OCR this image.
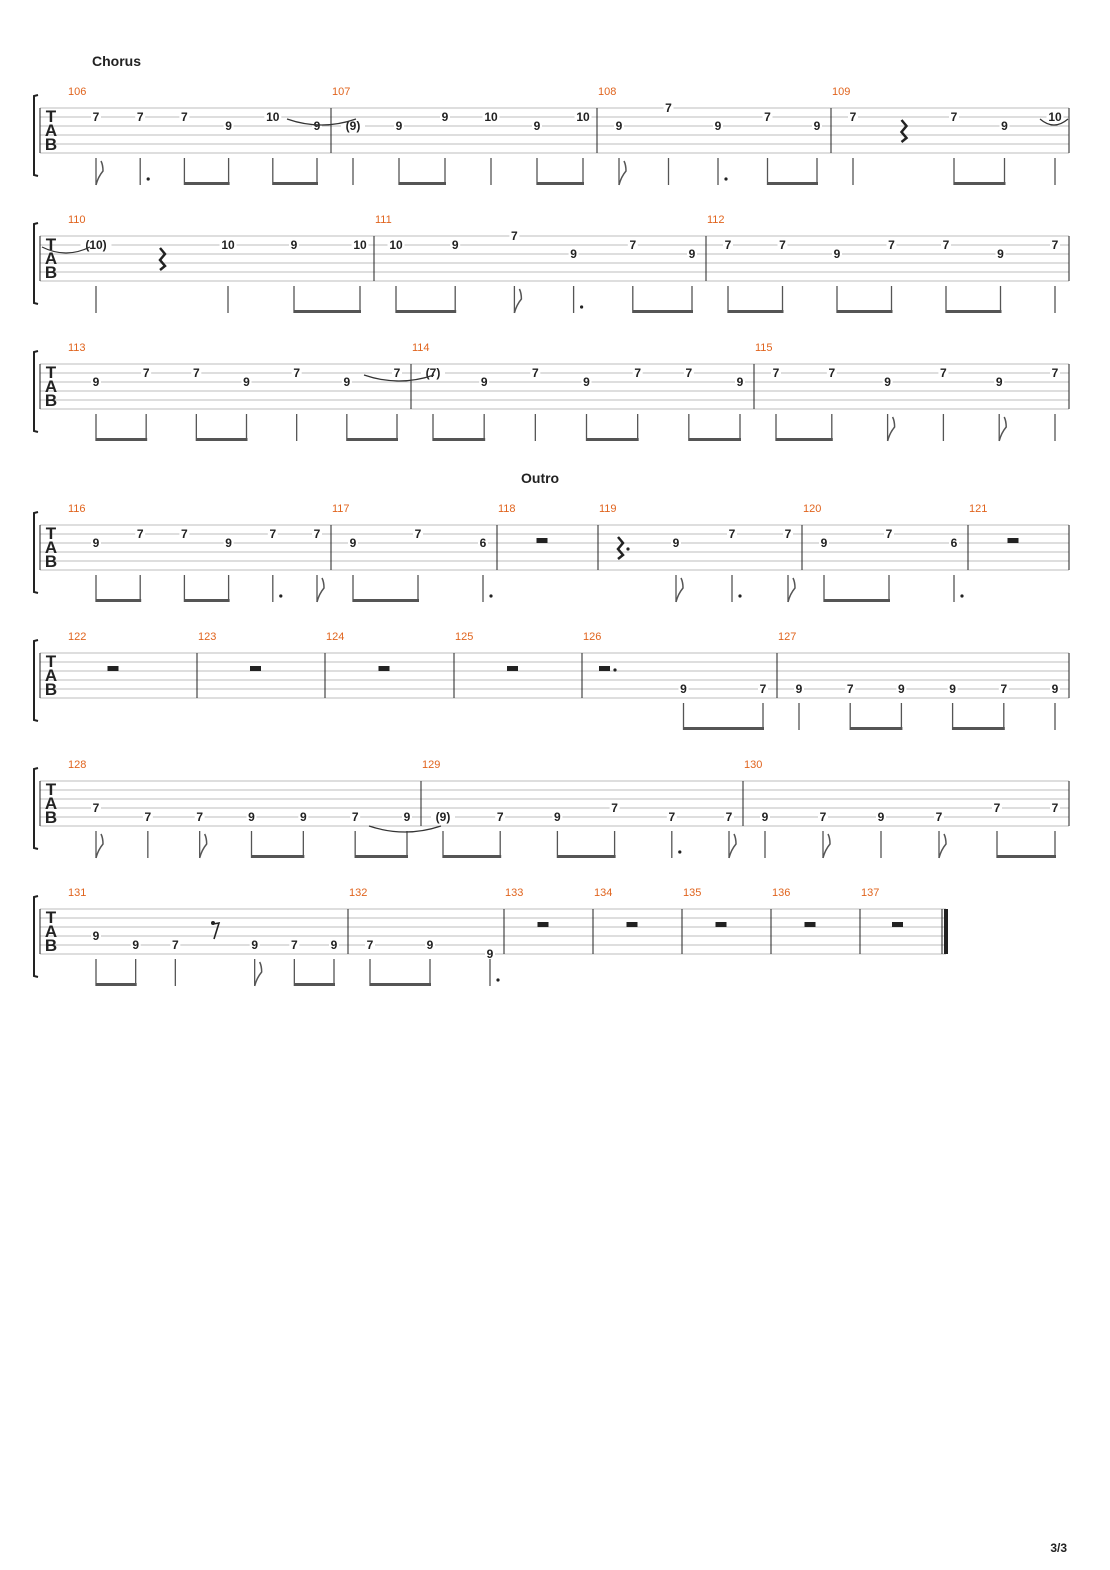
Chorus
T
A
B
7	7	7
9
10
9
106
(9)	9
9	10
9
10
107
9
7
9
7
9
108
7	7
9
10
109
T
A
B
(10)	10	9	10
110
10	9
7
9
7
9
111
7	7
9
7	7
9
7
112
T
A
B
9
7	7
9
7
9
7
113
(7)
9
7
9
7	7
9
114
7	7
9
7
9
7
115
Outro
T
A
B
9
7	7
9
7	7
116
9
7
6
117	118
9
7	7
119
9
7
6
120	121
T
A
B
122	123	124	125
9	7
126
9	7	9	9	7	9
127
T
A
B	7
7	7	9	9	7	9
128
(9)	7	9
7
7	7
129
9	7	9	7
7	7
130
T
A
B	9
9	7	9	7	9
131
7	9
9
132	133	134	135	136	137
3/3
